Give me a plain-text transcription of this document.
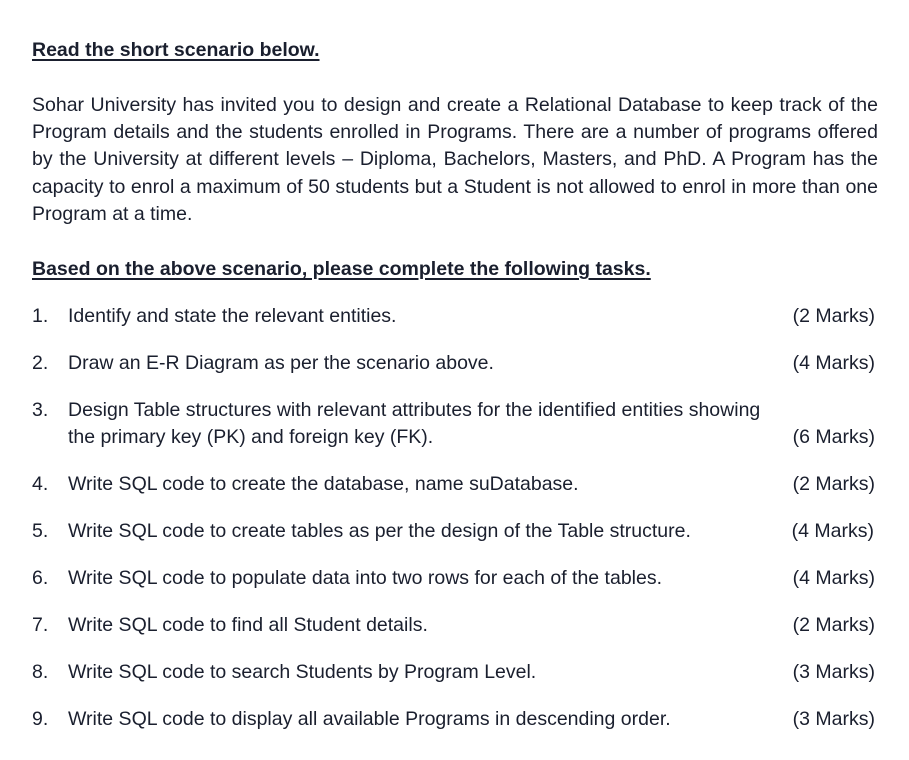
Read the short scenario below.

Sohar University has invited you to design and create a Relational Database to keep track of the Program details and the students enrolled in Programs. There are a number of programs offered by the University at different levels – Diploma, Bachelors, Masters, and PhD. A Program has the capacity to enrol a maximum of 50 students but a Student is not allowed to enrol in more than one Program at a time.

Based on the above scenario, please complete the following tasks.

1.	Identify and state the relevant entities.	(2 Marks)
2.	Draw an E-R Diagram as per the scenario above.	(4 Marks)
3.	Design Table structures with relevant attributes for the identified entities showing
the primary key (PK) and foreign key (FK).	(6 Marks)
4.	Write SQL code to create the database, name suDatabase.	(2 Marks)
5.	Write SQL code to create tables as per the design of the Table structure.	(4 Marks)
6.	Write SQL code to populate data into two rows for each of the tables.	(4 Marks)
7.	Write SQL code to find all Student details.	(2 Marks)
8.	Write SQL code to search Students by Program Level.	(3 Marks)
9.	Write SQL code to display all available Programs in descending order.	(3 Marks)
